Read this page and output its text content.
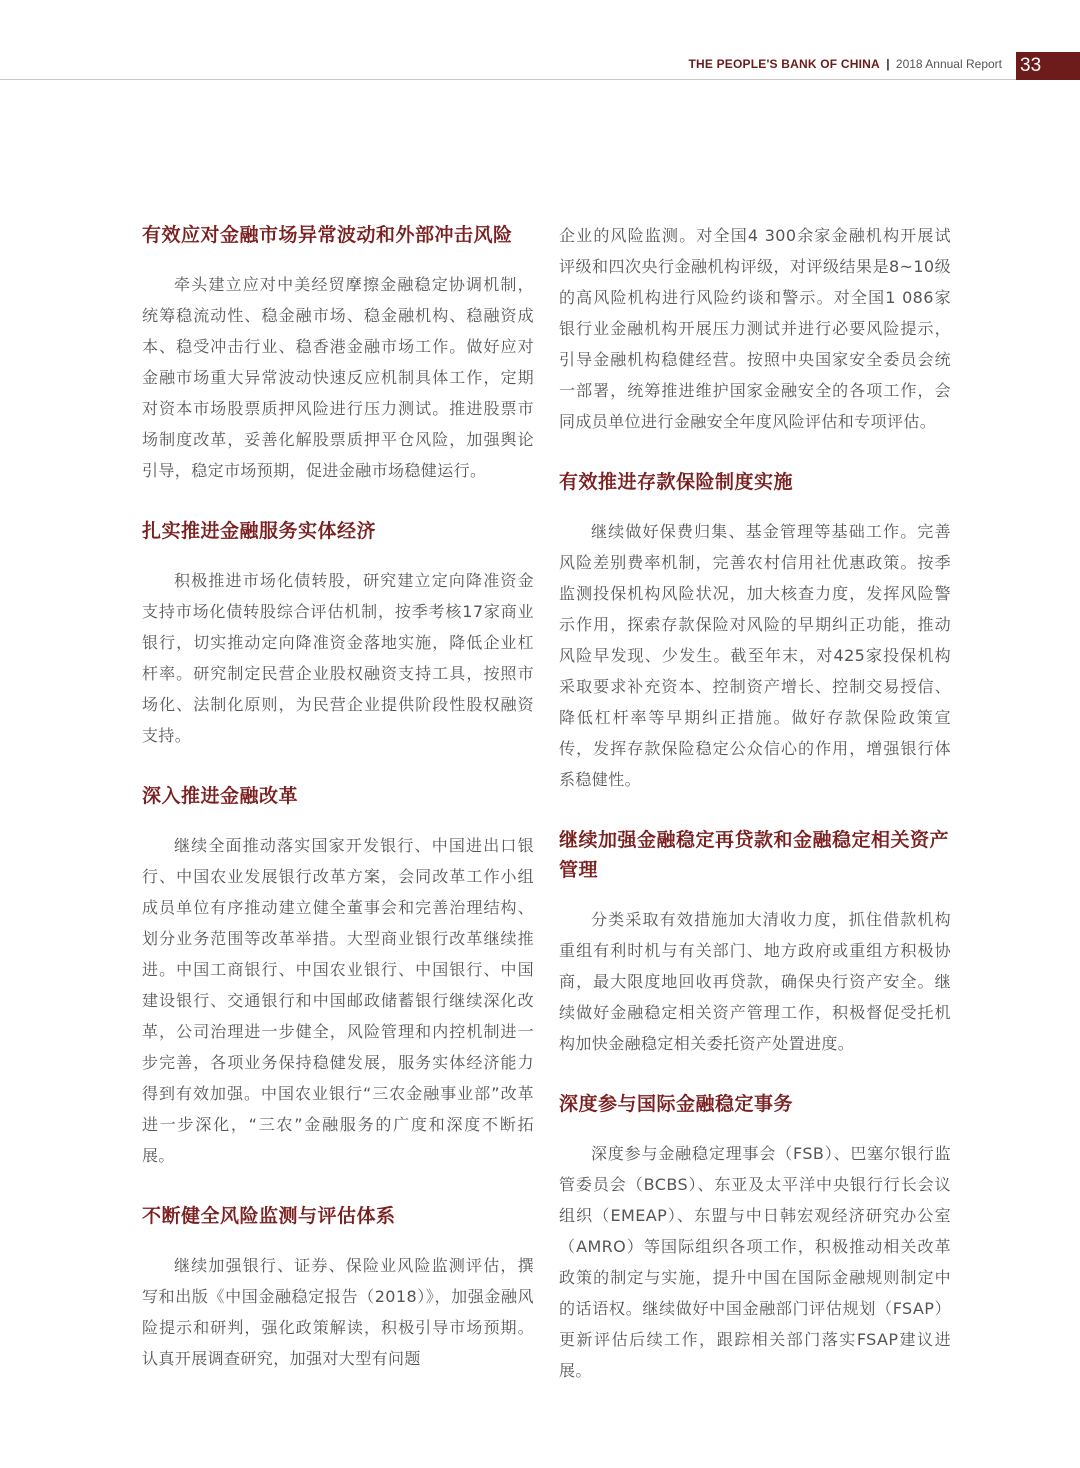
THE PEOPLE'S BANK OF CHINA | 2018 Annual Report 33
有效应对金融市场异常波动和外部冲击风险

牵头建立应对中美经贸摩擦金融稳定协调机制，统筹稳流动性、稳金融市场、稳金融机构、稳融资成本、稳受冲击行业、稳香港金融市场工作。做好应对金融市场重大异常波动快速反应机制具体工作，定期对资本市场股票质押风险进行压力测试。推进股票市场制度改革，妥善化解股票质押平仓风险，加强舆论引导，稳定市场预期，促进金融市场稳健运行。

扎实推进金融服务实体经济

积极推进市场化债转股，研究建立定向降准资金支持市场化债转股综合评估机制，按季考核17家商业银行，切实推动定向降准资金落地实施，降低企业杠杆率。研究制定民营企业股权融资支持工具，按照市场化、法制化原则，为民营企业提供阶段性股权融资支持。

深入推进金融改革

继续全面推动落实国家开发银行、中国进出口银行、中国农业发展银行改革方案，会同改革工作小组成员单位有序推动建立健全董事会和完善治理结构、划分业务范围等改革举措。大型商业银行改革继续推进。中国工商银行、中国农业银行、中国银行、中国建设银行、交通银行和中国邮政储蓄银行继续深化改革，公司治理进一步健全，风险管理和内控机制进一步完善，各项业务保持稳健发展，服务实体经济能力得到有效加强。中国农业银行“三农金融事业部”改革进一步深化，“三农”金融服务的广度和深度不断拓展。

不断健全风险监测与评估体系

继续加强银行、证券、保险业风险监测评估，撰写和出版《中国金融稳定报告（2018）》，加强金融风险提示和研判，强化政策解读，积极引导市场预期。认真开展调查研究，加强对大型有问题

企业的风险监测。对全国4 300余家金融机构开展试评级和四次央行金融机构评级，对评级结果是8~10级的高风险机构进行风险约谈和警示。对全国1 086家银行业金融机构开展压力测试并进行必要风险提示，引导金融机构稳健经营。按照中央国家安全委员会统一部署，统筹推进维护国家金融安全的各项工作，会同成员单位进行金融安全年度风险评估和专项评估。

有效推进存款保险制度实施

继续做好保费归集、基金管理等基础工作。完善风险差别费率机制，完善农村信用社优惠政策。按季监测投保机构风险状况，加大核查力度，发挥风险警示作用，探索存款保险对风险的早期纠正功能，推动风险早发现、少发生。截至年末，对425家投保机构采取要求补充资本、控制资产增长、控制交易授信、降低杠杆率等早期纠正措施。做好存款保险政策宣传，发挥存款保险稳定公众信心的作用，增强银行体系稳健性。

继续加强金融稳定再贷款和金融稳定相关资产管理

分类采取有效措施加大清收力度，抓住借款机构重组有利时机与有关部门、地方政府或重组方积极协商，最大限度地回收再贷款，确保央行资产安全。继续做好金融稳定相关资产管理工作，积极督促受托机构加快金融稳定相关委托资产处置进度。

深度参与国际金融稳定事务

深度参与金融稳定理事会（FSB）、巴塞尔银行监管委员会（BCBS）、东亚及太平洋中央银行行长会议组织（EMEAP）、东盟与中日韩宏观经济研究办公室（AMRO）等国际组织各项工作，积极推动相关改革政策的制定与实施，提升中国在国际金融规则制定中的话语权。继续做好中国金融部门评估规划（FSAP）更新评估后续工作，跟踪相关部门落实FSAP建议进展。
